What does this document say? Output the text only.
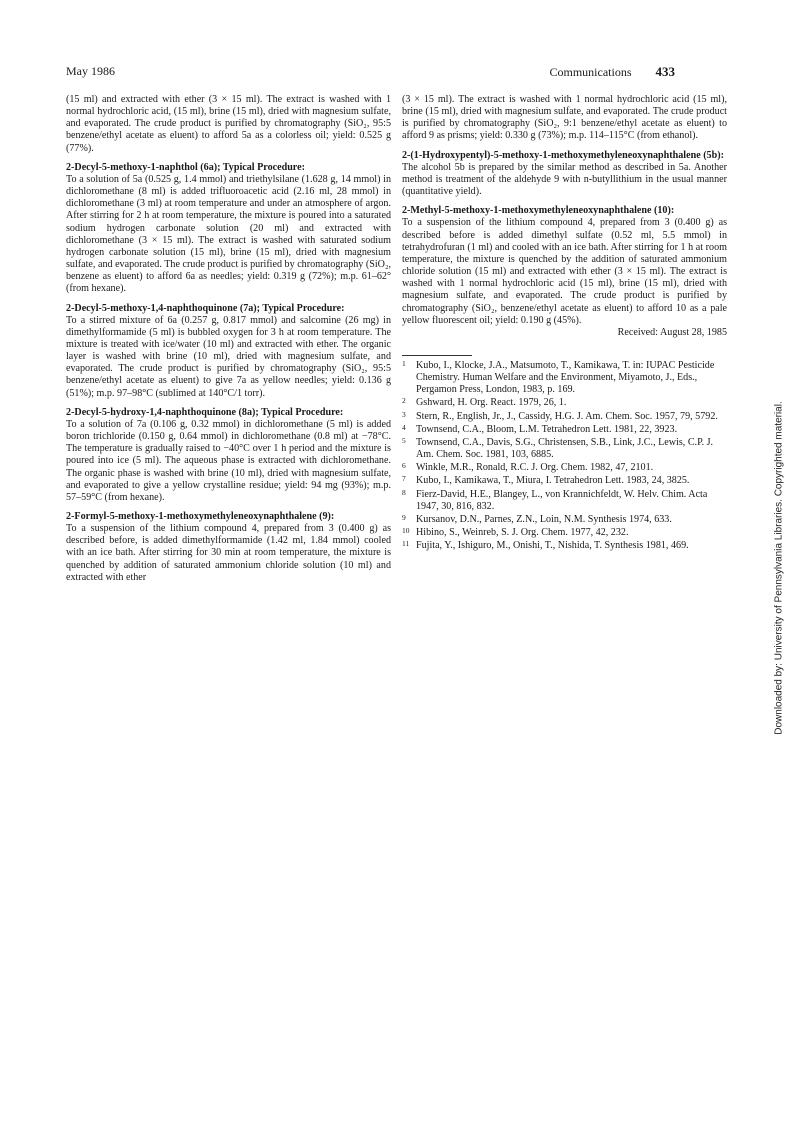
May 1986	Communications 433

(15 ml) and extracted with ether (3 × 15 ml). The extract is washed with 1 normal hydrochloric acid, (15 ml), brine (15 ml), dried with magnesium sulfate, and evaporated. The crude product is purified by chromatography (SiO₂, 95:5 benzene/ethyl acetate as eluent) to afford 5a as a colorless oil; yield: 0.525 g (77%).

2-Decyl-5-methoxy-1-naphthol (6a); Typical Procedure:

To a solution of 5a (0.525 g, 1.4 mmol) and triethylsilane (1.628 g, 14 mmol) in dichloromethane (8 ml) is added trifluoroacetic acid (2.16 ml, 28 mmol) in dichloromethane (3 ml) at room temperature and under an atmosphere of argon. After stirring for 2 h at room temperature, the mixture is poured into a saturated sodium hydrogen carbonate solution (20 ml) and extracted with dichloromethane (3 × 15 ml). The extract is washed with saturated sodium hydrogen carbonate solution (15 ml), brine (15 ml), dried with magnesium sulfate, and evaporated. The crude product is purified by chromatography (SiO₂, benzene as eluent) to afford 6a as needles; yield: 0.319 g (72%); m.p. 61–62° (from hexane).

2-Decyl-5-methoxy-1,4-naphthoquinone (7a); Typical Procedure:

To a stirred mixture of 6a (0.257 g, 0.817 mmol) and salcomine (26 mg) in dimethylformamide (5 ml) is bubbled oxygen for 3 h at room temperature. The mixture is treated with ice/water (10 ml) and extracted with ether. The organic layer is washed with brine (10 ml), dried with magnesium sulfate, and evaporated. The crude product is purified by chromatography (SiO₂, 95:5 benzene/ethyl acetate as eluent) to give 7a as yellow needles; yield: 0.136 g (51%); m.p. 97–98°C (sublimed at 140°C/1 torr).

2-Decyl-5-hydroxy-1,4-naphthoquinone (8a); Typical Procedure:

To a solution of 7a (0.106 g, 0.32 mmol) in dichloromethane (5 ml) is added boron trichloride (0.150 g, 0.64 mmol) in dichloromethane (0.8 ml) at −78°C. The temperature is gradually raised to −40°C over 1 h period and the mixture is poured into ice (5 ml). The aqueous phase is extracted with dichloromethane. The organic phase is washed with brine (10 ml), dried with magnesium sulfate, and evaporated to give a yellow crystalline residue; yield: 94 mg (93%); m.p. 57–59°C (from hexane).

2-Formyl-5-methoxy-1-methoxymethyleneoxynaphthalene (9):

To a suspension of the lithium compound 4, prepared from 3 (0.400 g) as described before, is added dimethylformamide (1.42 ml, 1.84 mmol) cooled with an ice bath. After stirring for 30 min at room temperature, the mixture is quenched by addition of saturated ammonium chloride solution (10 ml) and extracted with ether

(3 × 15 ml). The extract is washed with 1 normal hydrochloric acid (15 ml), brine (15 ml), dried with magnesium sulfate, and evaporated. The crude product is purified by chromatography (SiO₂, 9:1 benzene/ethyl acetate as eluent) to afford 9 as prisms; yield: 0.330 g (73%); m.p. 114–115°C (from ethanol).

2-(1-Hydroxypentyl)-5-methoxy-1-methoxymethyleneoxynaphthalene (5b):

The alcohol 5b is prepared by the similar method as described in 5a. Another method is treatment of the aldehyde 9 with n-butyllithium in the usual manner (quantitative yield).

2-Methyl-5-methoxy-1-methoxymethyleneoxynaphthalene (10):

To a suspension of the lithium compound 4, prepared from 3 (0.400 g) as described before is added dimethyl sulfate (0.52 ml, 5.5 mmol) in tetrahydrofuran (1 ml) and cooled with an ice bath. After stirring for 1 h at room temperature, the mixture is quenched by the addition of saturated ammonium chloride solution (15 ml) and extracted with ether (3 × 15 ml). The extract is washed with 1 normal hydrochloric acid (15 ml), brine (15 ml), dried with magnesium sulfate, and evaporated. The crude product is purified by chromatography (SiO₂, benzene/ethyl acetate as eluent) to afford 10 as a pale yellow fluorescent oil; yield: 0.190 g (45%).

Received: August 28, 1985

1 Kubo, I., Klocke, J.A., Matsumoto, T., Kamikawa, T. in: IUPAC Pesticide Chemistry. Human Welfare and the Environment, Miyamoto, J., Eds., Pergamon Press, London, 1983, p. 169.
2 Gshward, H. Org. React. 1979, 26, 1.
3 Stern, R., English, Jr., J., Cassidy, H.G. J. Am. Chem. Soc. 1957, 79, 5792.
4 Townsend, C.A., Bloom, L.M. Tetrahedron Lett. 1981, 22, 3923.
5 Townsend, C.A., Davis, S.G., Christensen, S.B., Link, J.C., Lewis, C.P. J. Am. Chem. Soc. 1981, 103, 6885.
6 Winkle, M.R., Ronald, R.C. J. Org. Chem. 1982, 47, 2101.
7 Kubo, I., Kamikawa, T., Miura, I. Tetrahedron Lett. 1983, 24, 3825.
8 Fierz-David, H.E., Blangey, L., von Krannichfeldt, W. Helv. Chim. Acta 1947, 30, 816, 832.
9 Kursanov, D.N., Parnes, Z.N., Loin, N.M. Synthesis 1974, 633.
10 Hibino, S., Weinreb, S. J. Org. Chem. 1977, 42, 232.
11 Fujita, Y., Ishiguro, M., Onishi, T., Nishida, T. Synthesis 1981, 469.	Downloaded by: University of Pennsylvania Libraries. Copyrighted material.
